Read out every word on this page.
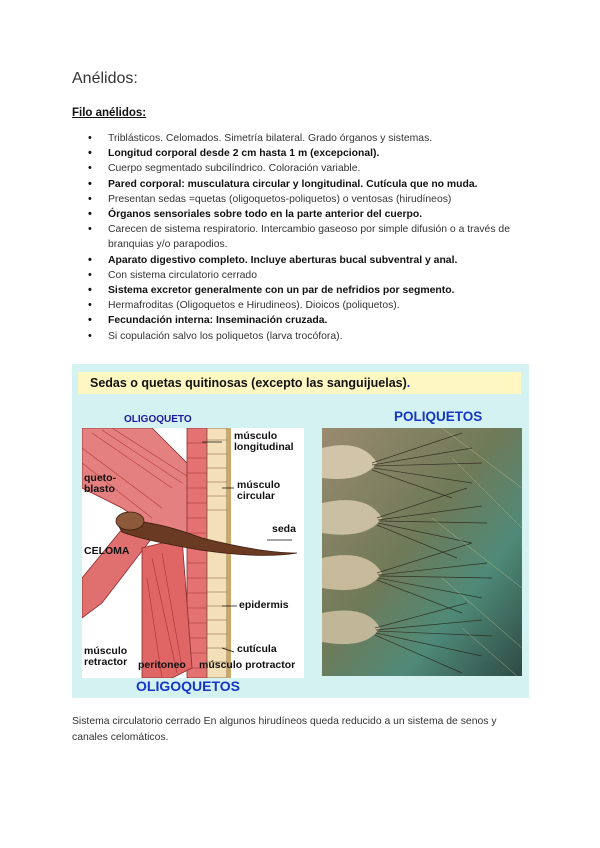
Anélidos:
Filo anélidos:
• Triblásticos. Celomados. Simetría bilateral. Grado órganos y sistemas.
• Longitud corporal desde 2 cm hasta 1 m (excepcional).
• Cuerpo segmentado subcilíndrico. Coloración variable.
• Pared corporal: musculatura circular y longitudinal. Cutícula que no muda.
• Presentan sedas =quetas (oligoquetos-poliquetos) o ventosas (hirudíneos)
• Órganos sensoriales sobre todo en la parte anterior del cuerpo.
• Carecen de sistema respiratorio. Intercambio gaseoso por simple difusión o a través de branquias y/o parapodios.
• Aparato digestivo completo. Incluye aberturas bucal subventral y anal.
• Con sistema circulatorio cerrado
• Sistema excretor generalmente con un par de nefridios por segmento.
• Hermafroditas (Oligoquetos e Hirudineos). Dioicos (poliquetos).
• Fecundación interna: Inseminación cruzada.
• Si copulación salvo los poliquetos (larva trocófora).
Sedas o quetas quitinosas (excepto las sanguijuelas).
OLIGOQUETO	POLIQUETOS
músculo
longitudinal
queto-
blasto	músculo
circular
seda
CELOMA
epidermis
músculo
retractor
cutícula
peritoneo músculo protractor
OLIGOQUETOS
Sistema circulatorio cerrado En algunos hirudíneos queda reducido a un sistema de senos y canales celomáticos.
